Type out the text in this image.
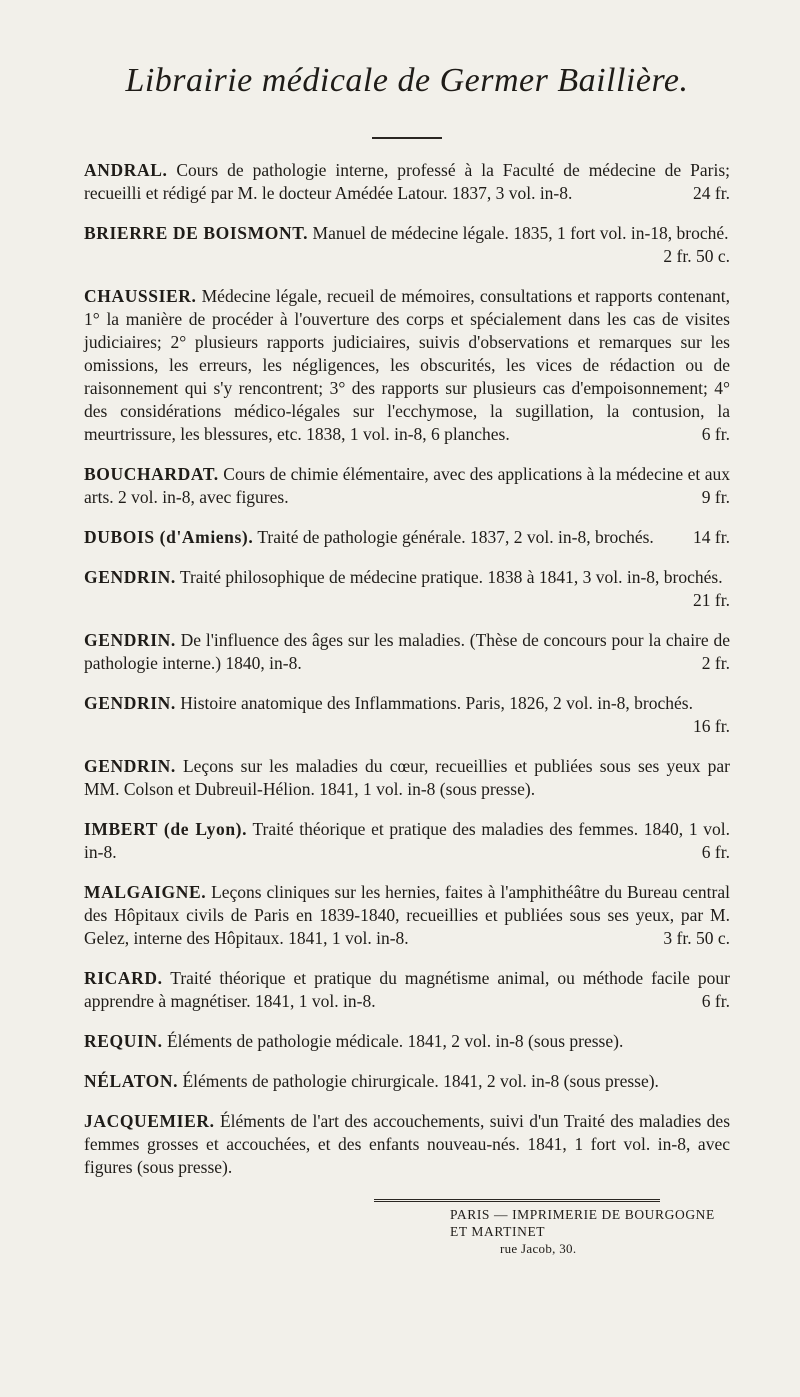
Librairie médicale de Germer Baillière.
ANDRAL. Cours de pathologie interne, professé à la Faculté de médecine de Paris; recueilli et rédigé par M. le docteur Amédée Latour. 1837, 3 vol. in-8.	24 fr.
BRIERRE DE BOISMONT. Manuel de médecine légale. 1835, 1 fort vol. in-18, broché.
2 fr. 50 c.
CHAUSSIER. Médecine légale, recueil de mémoires, consultations et rapports contenant, 1° la manière de procéder à l'ouverture des corps et spécialement dans les cas de visites judiciaires; 2° plusieurs rapports judiciaires, suivis d'observations et remarques sur les omissions, les erreurs, les négligences, les obscurités, les vices de rédaction ou de raisonnement qui s'y rencontrent; 3° des rapports sur plusieurs cas d'empoisonnement; 4° des considérations médico-légales sur l'ecchymose, la sugillation, la contusion, la meurtrissure, les blessures, etc. 1838, 1 vol. in-8, 6 planches.	6 fr.
BOUCHARDAT. Cours de chimie élémentaire, avec des applications à la médecine et aux arts. 2 vol. in-8, avec figures.	9 fr.
DUBOIS (d'Amiens). Traité de pathologie générale. 1837, 2 vol. in-8, brochés. 14 fr.
GENDRIN. Traité philosophique de médecine pratique. 1838 à 1841, 3 vol. in-8, brochés.
21 fr.
GENDRIN. De l'influence des âges sur les maladies. (Thèse de concours pour la chaire de pathologie interne.) 1840, in-8.	2 fr.
GENDRIN. Histoire anatomique des Inflammations. Paris, 1826, 2 vol. in-8, brochés.
16 fr.
GENDRIN. Leçons sur les maladies du cœur, recueillies et publiées sous ses yeux par MM. Colson et Dubreuil-Hélion. 1841, 1 vol. in-8 (sous presse).
IMBERT (de Lyon). Traité théorique et pratique des maladies des femmes. 1840, 1 vol. in-8.	6 fr.
MALGAIGNE. Leçons cliniques sur les hernies, faites à l'amphithéâtre du Bureau central des Hôpitaux civils de Paris en 1839-1840, recueillies et publiées sous ses yeux, par M. Gelez, interne des Hôpitaux. 1841, 1 vol. in-8.	3 fr. 50 c.
RICARD. Traité théorique et pratique du magnétisme animal, ou méthode facile pour apprendre à magnétiser. 1841, 1 vol. in-8.	6 fr.
REQUIN. Éléments de pathologie médicale. 1841, 2 vol. in-8 (sous presse).
NÉLATON. Éléments de pathologie chirurgicale. 1841, 2 vol. in-8 (sous presse).
JACQUEMIER. Éléments de l'art des accouchements, suivi d'un Traité des maladies des femmes grosses et accouchées, et des enfants nouveau-nés. 1841, 1 fort vol. in-8, avec figures (sous presse).
PARIS — IMPRIMERIE DE BOURGOGNE ET MARTINET
rue Jacob, 30.
